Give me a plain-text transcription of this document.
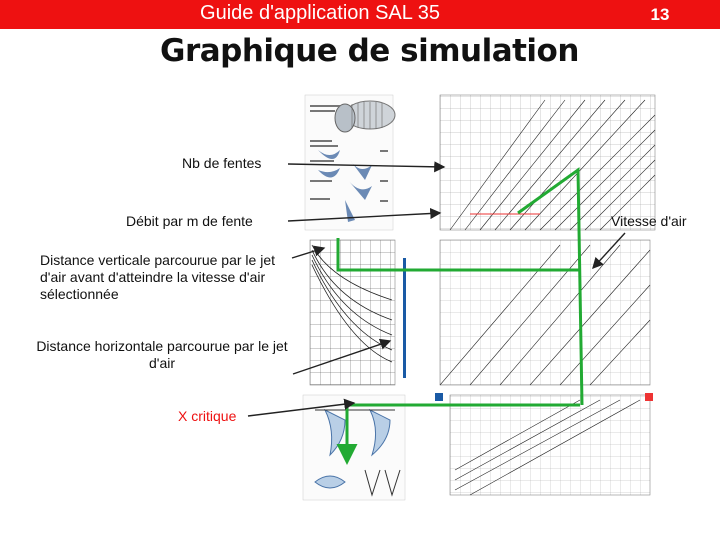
Guide d'application SAL 35	13
Graphique de simulation
Nb de fentes
Débit par m de fente
Distance verticale parcourue par le jet d'air avant d'atteindre la vitesse d'air sélectionnée
Distance horizontale parcourue par le jet d'air
X critique
Vitesse d'air
